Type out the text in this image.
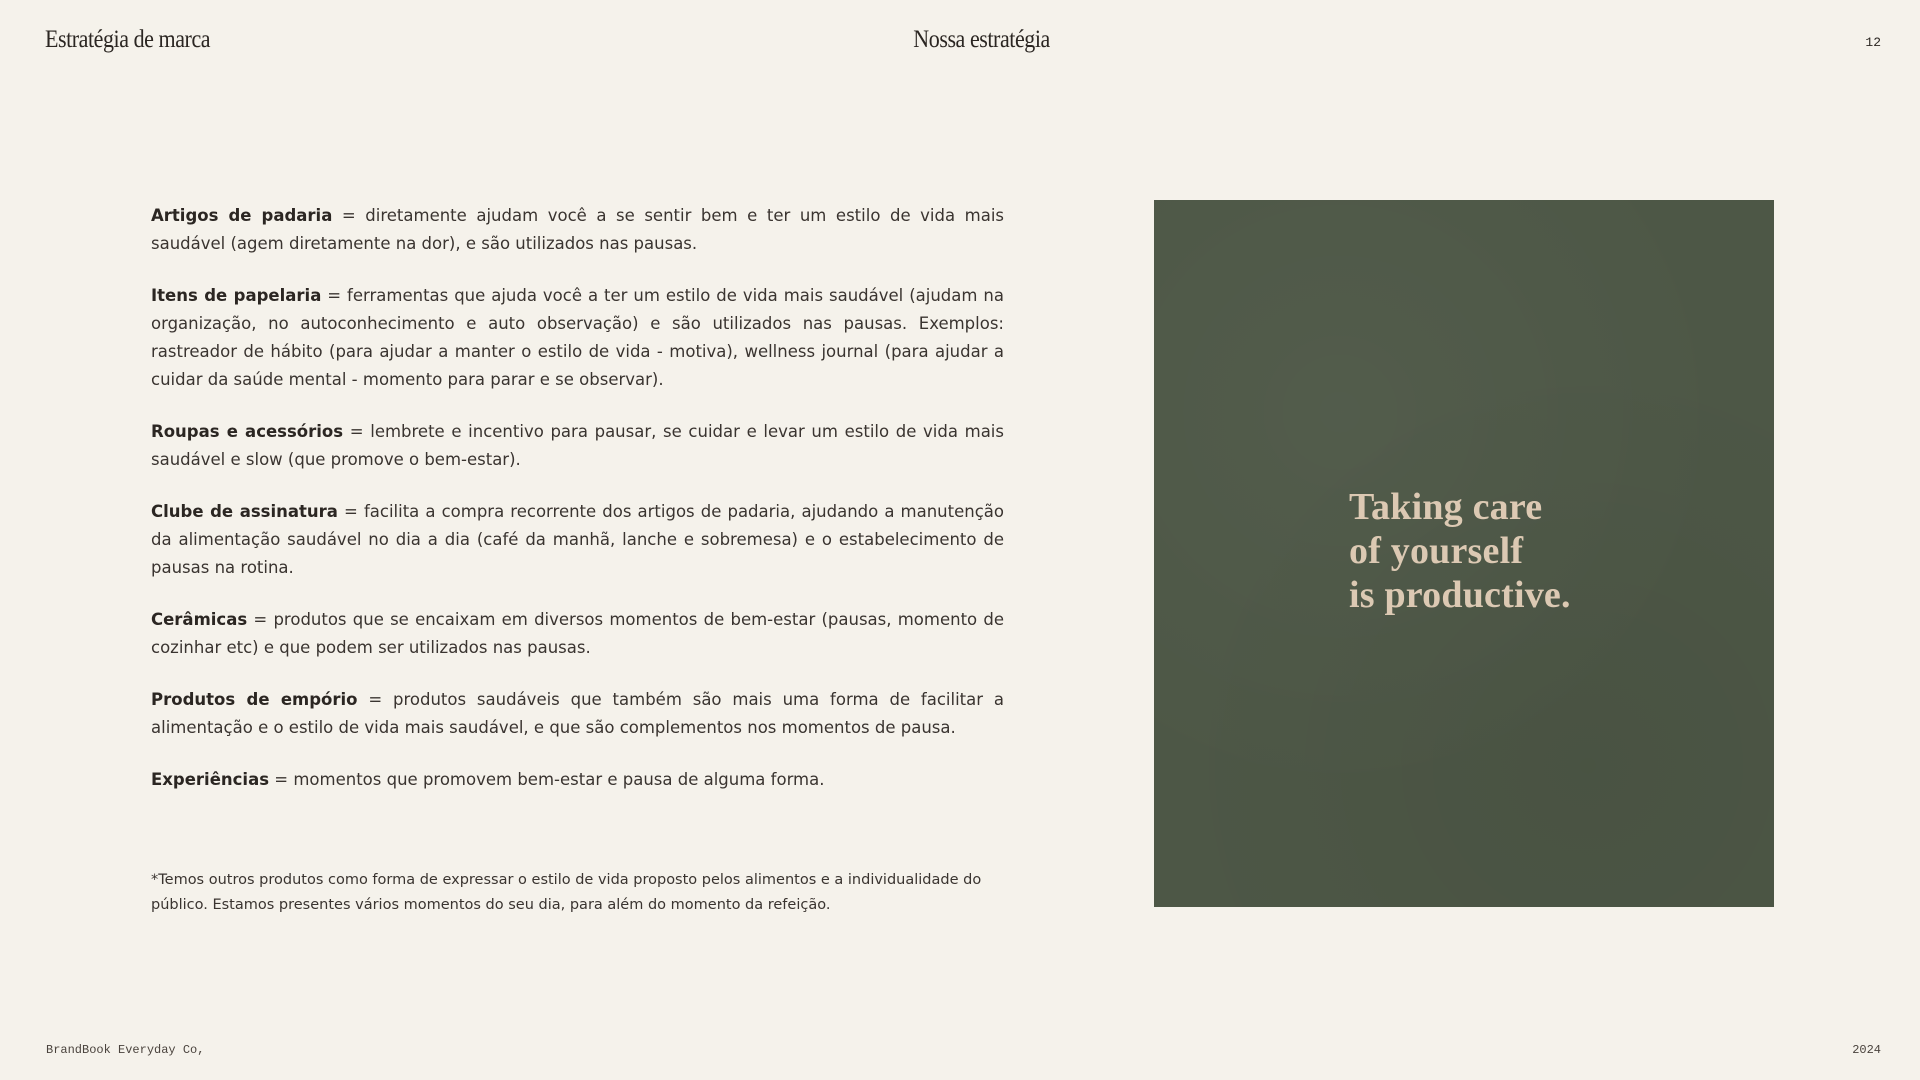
Estratégia de marca	Nossa estratégia	12

Artigos de padaria = diretamente ajudam você a se sentir bem e ter um estilo de vida mais saudável (agem diretamente na dor), e são utilizados nas pausas.

Itens de papelaria = ferramentas que ajuda você a ter um estilo de vida mais saudável (ajudam na organização, no autoconhecimento e auto observação) e são utilizados nas pausas. Exemplos: rastreador de hábito (para ajudar a manter o estilo de vida - motiva), wellness journal (para ajudar a cuidar da saúde mental - momento para parar e se observar).

Roupas e acessórios = lembrete e incentivo para pausar, se cuidar e levar um estilo de vida mais saudável e slow (que promove o bem-estar).

Clube de assinatura = facilita a compra recorrente dos artigos de padaria, ajudando a manutenção da alimentação saudável no dia a dia (café da manhã, lanche e sobremesa) e o estabelecimento de pausas na rotina.

Cerâmicas = produtos que se encaixam em diversos momentos de bem-estar (pausas, momento de cozinhar etc) e que podem ser utilizados nas pausas.

Produtos de empório = produtos saudáveis que também são mais uma forma de facilitar a alimentação e o estilo de vida mais saudável, e que são complementos nos momentos de pausa.

Experiências = momentos que promovem bem-estar e pausa de alguma forma.

*Temos outros produtos como forma de expressar o estilo de vida proposto pelos alimentos e a individualidade do público. Estamos presentes vários momentos do seu dia, para além do momento da refeição.
Taking care
of yourself
is productive.
BrandBook Everyday Co,	2024
